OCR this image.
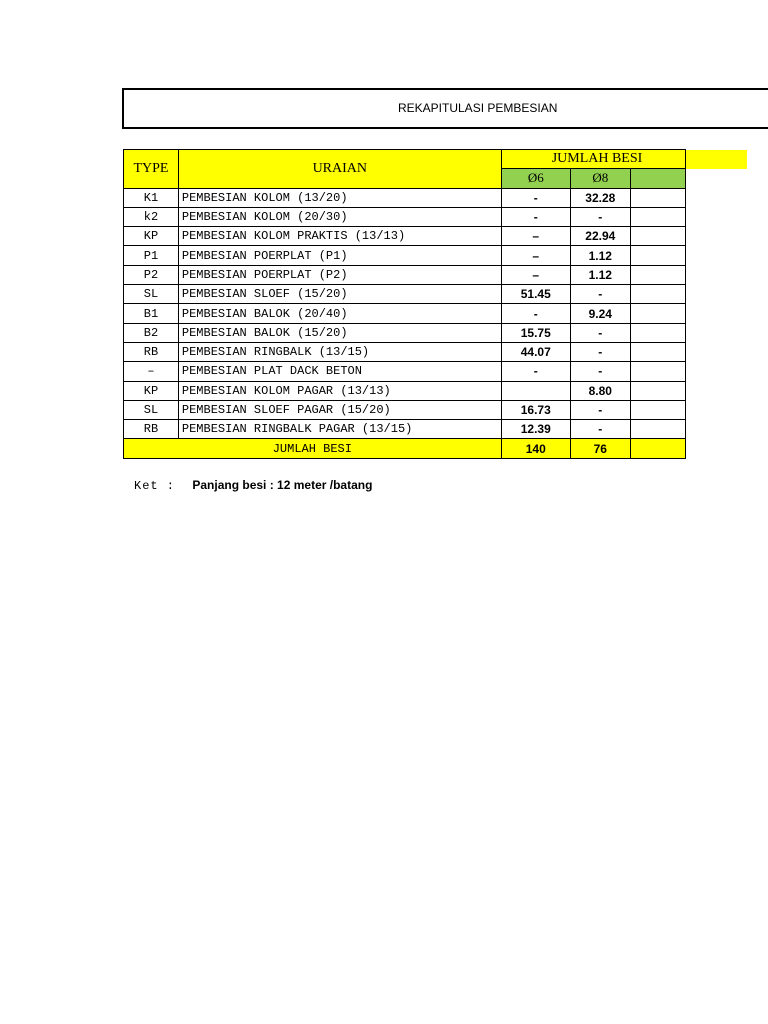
REKAPITULASI PEMBESIAN
TYPE	URAIAN	JUMLAH BESI		
		Ø6	Ø8	
K1	PEMBESIAN KOLOM (13/20)	-	32.28	
k2	PEMBESIAN KOLOM (20/30)	-	-	
KP	PEMBESIAN KOLOM PRAKTIS (13/13)	–	22.94	
P1	PEMBESIAN POERPLAT (P1)	–	1.12	
P2	PEMBESIAN POERPLAT (P2)	–	1.12	
SL	PEMBESIAN SLOEF (15/20)	51.45	-	
B1	PEMBESIAN BALOK (20/40)	-	9.24	
B2	PEMBESIAN BALOK (15/20)	15.75	-	
RB	PEMBESIAN RINGBALK (13/15)	44.07	-	
–	PEMBESIAN PLAT DACK BETON	-	-	
KP	PEMBESIAN KOLOM PAGAR (13/13)		8.80	
SL	PEMBESIAN SLOEF PAGAR (15/20)	16.73	-	
RB	PEMBESIAN RINGBALK PAGAR (13/15)	12.39	-	
JUMLAH BESI		140	76	
Ket : Panjang besi : 12 meter /batang
